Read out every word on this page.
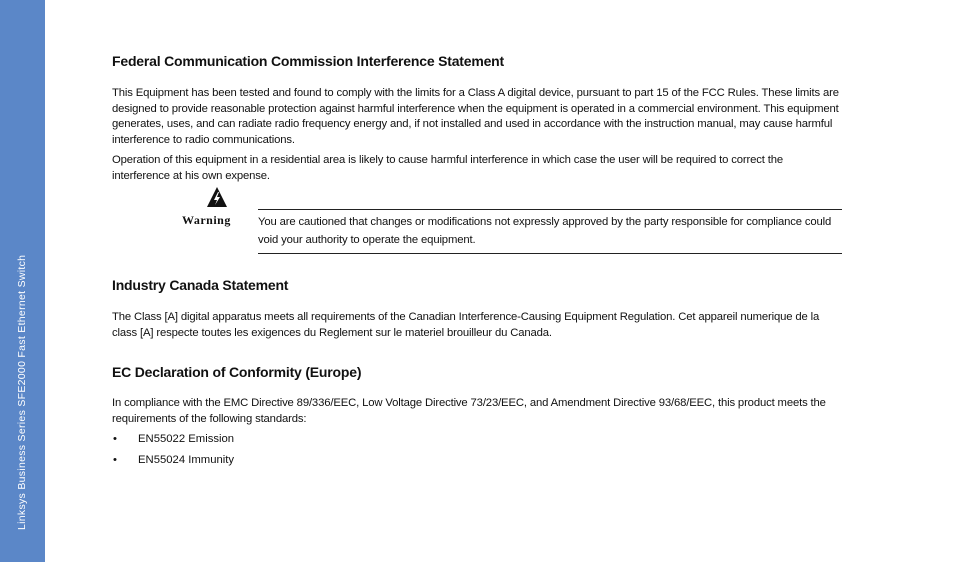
Linksys Business Series SFE2000 Fast Ethernet Switch
Federal Communication Commission Interference Statement

This Equipment has been tested and found to comply with the limits for a Class A digital device, pursuant to part 15 of the FCC Rules. These limits are designed to provide reasonable protection against harmful interference when the equipment is operated in a commercial environment. This equipment generates, uses, and can radiate radio frequency energy and, if not installed and used in accordance with the instruction manual, may cause harmful interference to radio communications.

Operation of this equipment in a residential area is likely to cause harmful interference in which case the user will be required to correct the interference at his own expense.

Warning You are cautioned that changes or modifications not expressly approved by the party responsible for compliance could void your authority to operate the equipment.
Industry Canada Statement

The Class [A] digital apparatus meets all requirements of the Canadian Interference-Causing Equipment Regulation. Cet appareil numerique de la class [A] respecte toutes les exigences du Reglement sur le materiel brouilleur du Canada.

EC Declaration of Conformity (Europe)

In compliance with the EMC Directive 89/336/EEC, Low Voltage Directive 73/23/EEC, and Amendment Directive 93/68/EEC, this product meets the requirements of the following standards:

• EN55022 Emission
• EN55024 Immunity
